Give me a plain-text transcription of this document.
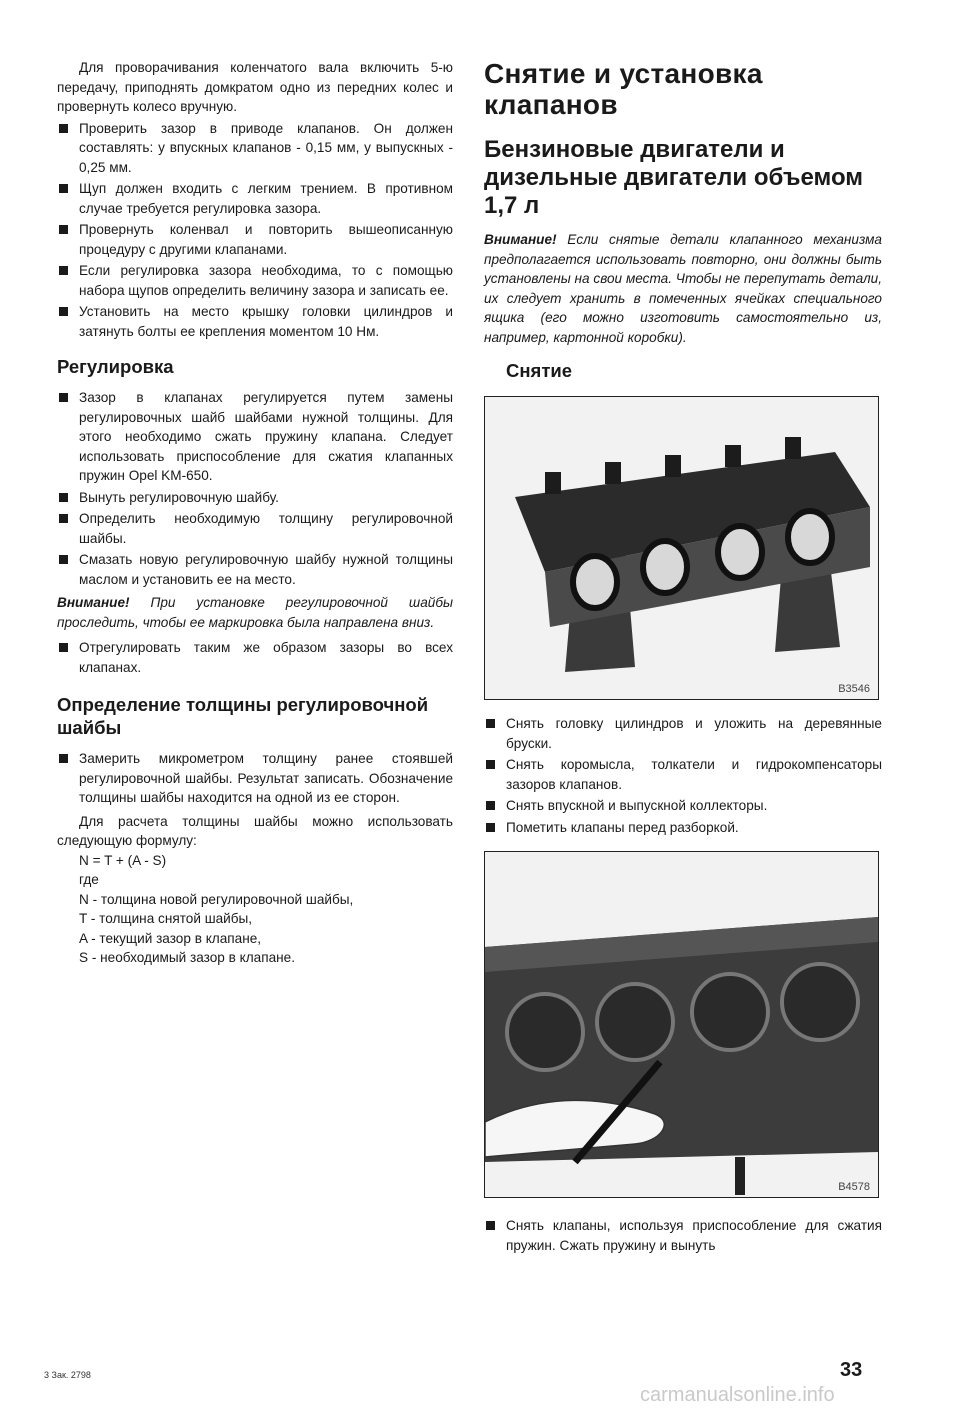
Для проворачивания коленчатого вала включить 5-ю передачу, приподнять домкратом одно из передних колес и провернуть колесо вручную.

Проверить зазор в приводе клапанов. Он должен составлять: у впускных клапанов - 0,15 мм, у выпускных - 0,25 мм.
Щуп должен входить с легким трением. В противном случае требуется регулировка зазора.
Провернуть коленвал и повторить вышеописанную процедуру с другими клапанами.
Если регулировка зазора необходима, то с помощью набора щупов определить величину зазора и записать ее.
Установить на место крышку головки цилиндров и затянуть болты ее крепления моментом 10 Нм.
Регулировка
Зазор в клапанах регулируется путем замены регулировочных шайб шайбами нужной толщины. Для этого необходимо сжать пружину клапана. Следует использовать приспособление для сжатия клапанных пружин Opel KM-650.
Вынуть регулировочную шайбу.
Определить необходимую толщину регулировочной шайбы.
Смазать новую регулировочную шайбу нужной толщины маслом и установить ее на место.
Внимание! При установке регулировочной шайбы проследить, чтобы ее маркировка была направлена вниз.
Отрегулировать таким же образом зазоры во всех клапанах.
Определение толщины регулировочной шайбы
Замерить микрометром толщину ранее стоявшей регулировочной шайбы. Результат записать. Обозначение толщины шайбы находится на одной из ее сторон.

Для расчета толщины шайбы можно использовать следующую формулу:

N = T + (A - S)

где

N - толщина новой регулировочной шайбы,

T - толщина снятой шайбы,

A - текущий зазор в клапане,

S - необходимый зазор в клапане.

Снятие и установка клапанов
Бензиновые двигатели и дизельные двигатели объемом 1,7 л
Внимание! Если снятые детали клапанного механизма предполагается использовать повторно, они должны быть установлены на свои места. Чтобы не перепутать детали, их следует хранить в помеченных ячейках специального ящика (его можно изготовить самостоятельно из, например, картонной коробки).
Снятие
B3546
Снять головку цилиндров и уложить на деревянные бруски.
Снять коромысла, толкатели и гидрокомпенсаторы зазоров клапанов.
Снять впускной и выпускной коллекторы.
Пометить клапаны перед разборкой.
B4578
Снять клапаны, используя приспособление для сжатия пружин. Сжать пружину и вынуть
3 Зак. 2798	33
carmanualsonline.info
